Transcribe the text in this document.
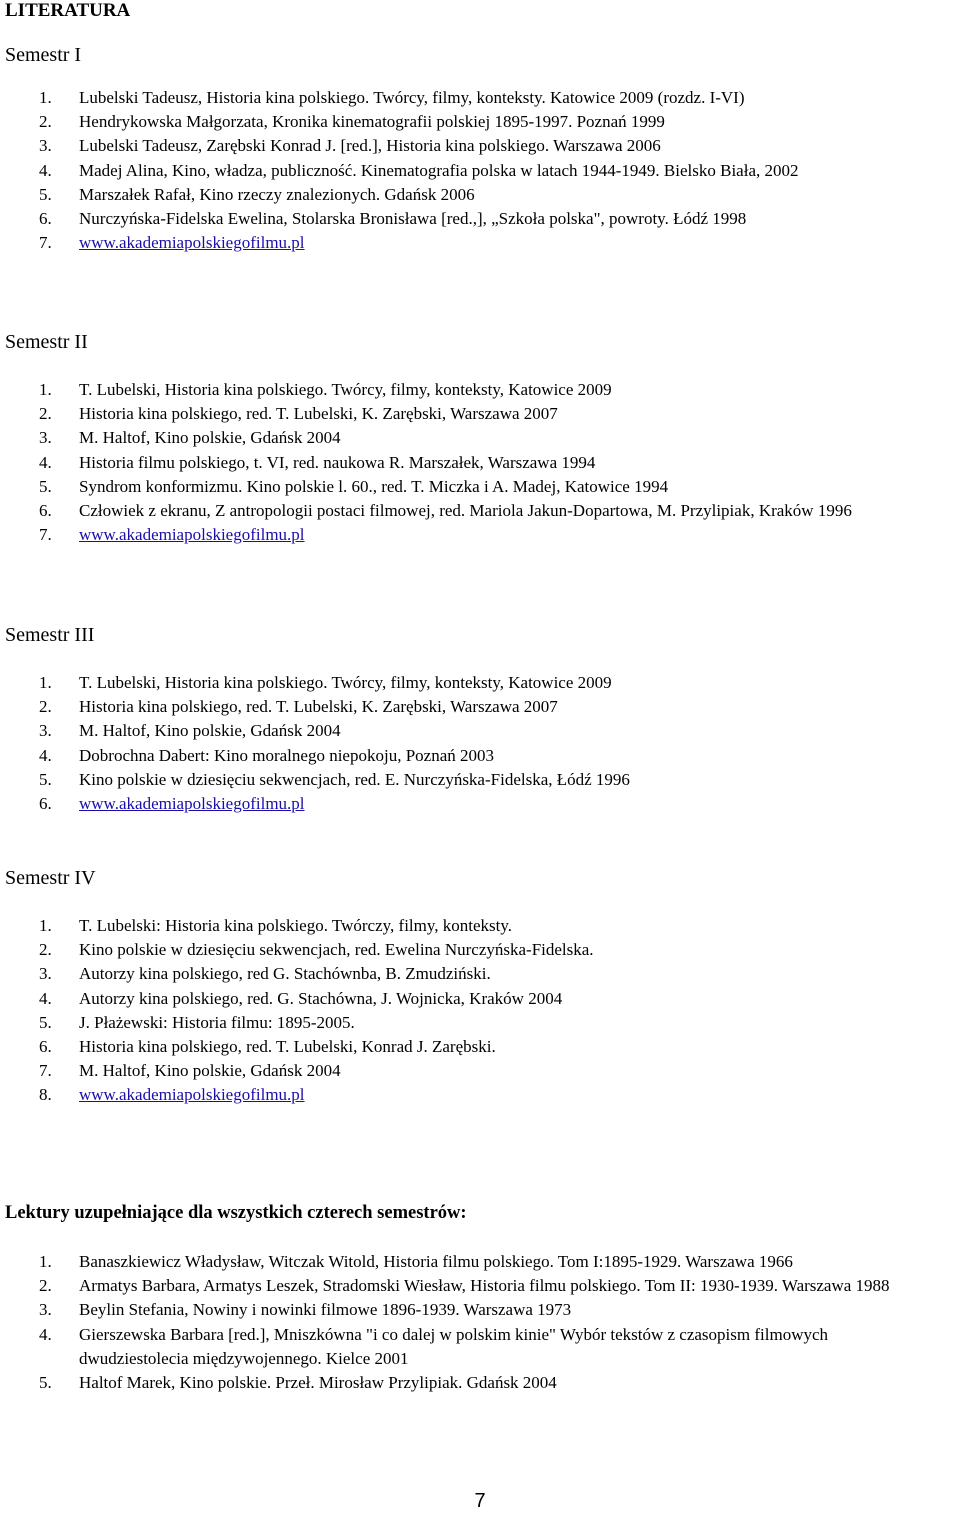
LITERATURA
Semestr I
1. Lubelski Tadeusz, Historia kina polskiego. Twórcy, filmy, konteksty. Katowice 2009 (rozdz. I-VI)
2. Hendrykowska Małgorzata, Kronika kinematografii polskiej 1895-1997. Poznań 1999
3. Lubelski Tadeusz, Zarębski Konrad J. [red.], Historia kina polskiego. Warszawa 2006
4. Madej Alina, Kino, władza, publiczność. Kinematografia polska w latach 1944-1949. Bielsko Biała, 2002
5. Marszałek Rafał, Kino rzeczy znalezionych. Gdańsk 2006
6. Nurczyńska-Fidelska Ewelina, Stolarska Bronisława [red.,], „Szkoła polska", powroty. Łódź 1998
7. www.akademiapolskiegofilmu.pl
Semestr II
1. T. Lubelski, Historia kina polskiego. Twórcy, filmy, konteksty, Katowice 2009
2. Historia kina polskiego, red. T. Lubelski, K. Zarębski, Warszawa 2007
3. M. Haltof, Kino polskie, Gdańsk 2004
4. Historia filmu polskiego, t. VI, red. naukowa R. Marszałek, Warszawa 1994
5. Syndrom konformizmu. Kino polskie l. 60., red. T. Miczka i A. Madej, Katowice 1994
6. Człowiek z ekranu, Z antropologii postaci filmowej, red. Mariola Jakun-Dopartowa, M. Przylipiak, Kraków 1996
7. www.akademiapolskiegofilmu.pl
Semestr III
1. T. Lubelski, Historia kina polskiego. Twórcy, filmy, konteksty, Katowice 2009
2. Historia kina polskiego, red. T. Lubelski, K. Zarębski, Warszawa 2007
3. M. Haltof, Kino polskie, Gdańsk 2004
4. Dobrochna Dabert: Kino moralnego niepokoju, Poznań 2003
5. Kino polskie w dziesięciu sekwencjach, red. E. Nurczyńska-Fidelska, Łódź 1996
6. www.akademiapolskiegofilmu.pl
Semestr IV
1. T. Lubelski: Historia kina polskiego. Twórczy, filmy, konteksty.
2. Kino polskie w dziesięciu sekwencjach, red. Ewelina Nurczyńska-Fidelska.
3. Autorzy kina polskiego, red G. Stachównba, B. Zmudziński.
4. Autorzy kina polskiego, red. G. Stachówna, J. Wojnicka, Kraków 2004
5. J. Płażewski: Historia filmu: 1895-2005.
6. Historia kina polskiego, red. T. Lubelski, Konrad J. Zarębski.
7. M. Haltof, Kino polskie, Gdańsk 2004
8. www.akademiapolskiegofilmu.pl
Lektury uzupełniające dla wszystkich czterech semestrów:
1. Banaszkiewicz Władysław, Witczak Witold, Historia filmu polskiego. Tom I:1895-1929. Warszawa 1966
2. Armatys Barbara, Armatys Leszek, Stradomski Wiesław, Historia filmu polskiego. Tom II: 1930-1939. Warszawa 1988
3. Beylin Stefania, Nowiny i nowinki filmowe 1896-1939. Warszawa 1973
4. Gierszewska Barbara [red.], Mniszkówna "i co dalej w polskim kinie" Wybór tekstów z czasopism filmowych dwudziestolecia międzywojennego. Kielce 2001
5. Haltof Marek, Kino polskie. Przeł. Mirosław Przylipiak. Gdańsk 2004
7
